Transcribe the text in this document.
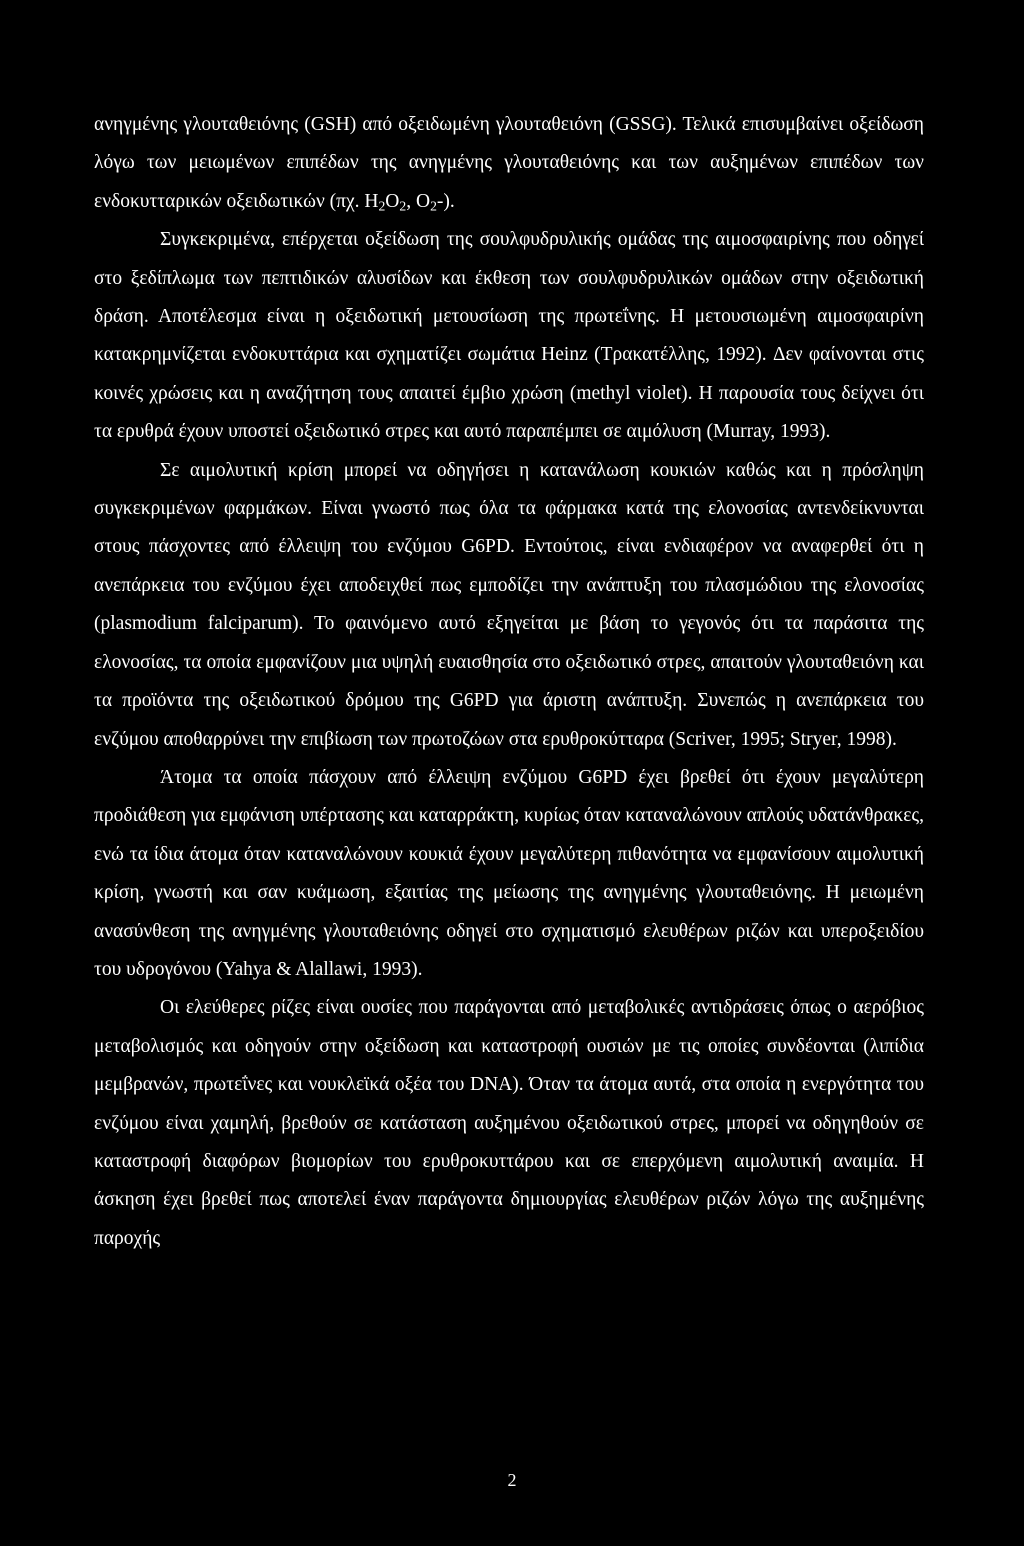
ανηγμένης γλουταθειόνης (GSH) από οξειδωμένη γλουταθειόνη (GSSG). Τελικά επισυμβαίνει οξείδωση λόγω των μειωμένων επιπέδων της ανηγμένης γλουταθειόνης και των αυξημένων επιπέδων των ενδοκυτταρικών οξειδωτικών (πχ. $H_2O_2$, $O_2-$).

Συγκεκριμένα, επέρχεται οξείδωση της σουλφυδρυλικής ομάδας της αιμοσφαιρίνης που οδηγεί στο ξεδίπλωμα των πεπτιδικών αλυσίδων και έκθεση των σουλφυδρυλικών ομάδων στην οξειδωτική δράση. Αποτέλεσμα είναι η οξειδωτική μετουσίωση της πρωτεΐνης. Η μετουσιωμένη αιμοσφαιρίνη κατακρημνίζεται ενδοκυττάρια και σχηματίζει σωμάτια Heinz (Τρακατέλλης, 1992). Δεν φαίνονται στις κοινές χρώσεις και η αναζήτηση τους απαιτεί έμβιο χρώση (methyl violet). Η παρουσία τους δείχνει ότι τα ερυθρά έχουν υποστεί οξειδωτικό στρες και αυτό παραπέμπει σε αιμόλυση (Murray, 1993).

Σε αιμολυτική κρίση μπορεί να οδηγήσει η κατανάλωση κουκιών καθώς και η πρόσληψη συγκεκριμένων φαρμάκων. Είναι γνωστό πως όλα τα φάρμακα κατά της ελονοσίας αντενδείκνυνται στους πάσχοντες από έλλειψη του ενζύμου G6PD. Εντούτοις, είναι ενδιαφέρον να αναφερθεί ότι η ανεπάρκεια του ενζύμου έχει αποδειχθεί πως εμποδίζει την ανάπτυξη του πλασμώδιου της ελονοσίας (plasmodium falciparum). Το φαινόμενο αυτό εξηγείται με βάση το γεγονός ότι τα παράσιτα της ελονοσίας, τα οποία εμφανίζουν μια υψηλή ευαισθησία στο οξειδωτικό στρες, απαιτούν γλουταθειόνη και τα προϊόντα της οξειδωτικού δρόμου της G6PD για άριστη ανάπτυξη. Συνεπώς η ανεπάρκεια του ενζύμου αποθαρρύνει την επιβίωση των πρωτοζώων στα ερυθροκύτταρα (Scriver, 1995; Stryer, 1998).

Άτομα τα οποία πάσχουν από έλλειψη ενζύμου G6PD έχει βρεθεί ότι έχουν μεγαλύτερη προδιάθεση για εμφάνιση υπέρτασης και καταρράκτη, κυρίως όταν καταναλώνουν απλούς υδατάνθρακες, ενώ τα ίδια άτομα όταν καταναλώνουν κουκιά έχουν μεγαλύτερη πιθανότητα να εμφανίσουν αιμολυτική κρίση, γνωστή και σαν κυάμωση, εξαιτίας της μείωσης της ανηγμένης γλουταθειόνης. Η μειωμένη ανασύνθεση της ανηγμένης γλουταθειόνης οδηγεί στο σχηματισμό ελευθέρων ριζών και υπεροξειδίου του υδρογόνου (Yahya & Alallawi, 1993).

Οι ελεύθερες ρίζες είναι ουσίες που παράγονται από μεταβολικές αντιδράσεις όπως ο αερόβιος μεταβολισμός και οδηγούν στην οξείδωση και καταστροφή ουσιών με τις οποίες συνδέονται (λιπίδια μεμβρανών, πρωτεΐνες και νουκλεϊκά οξέα του DNA). Όταν τα άτομα αυτά, στα οποία η ενεργότητα του ενζύμου είναι χαμηλή, βρεθούν σε κατάσταση αυξημένου οξειδωτικού στρες, μπορεί να οδηγηθούν σε καταστροφή διαφόρων βιομορίων του ερυθροκυττάρου και σε επερχόμενη αιμολυτική αναιμία. Η άσκηση έχει βρεθεί πως αποτελεί έναν παράγοντα δημιουργίας ελευθέρων ριζών λόγω της αυξημένης παροχής

2
